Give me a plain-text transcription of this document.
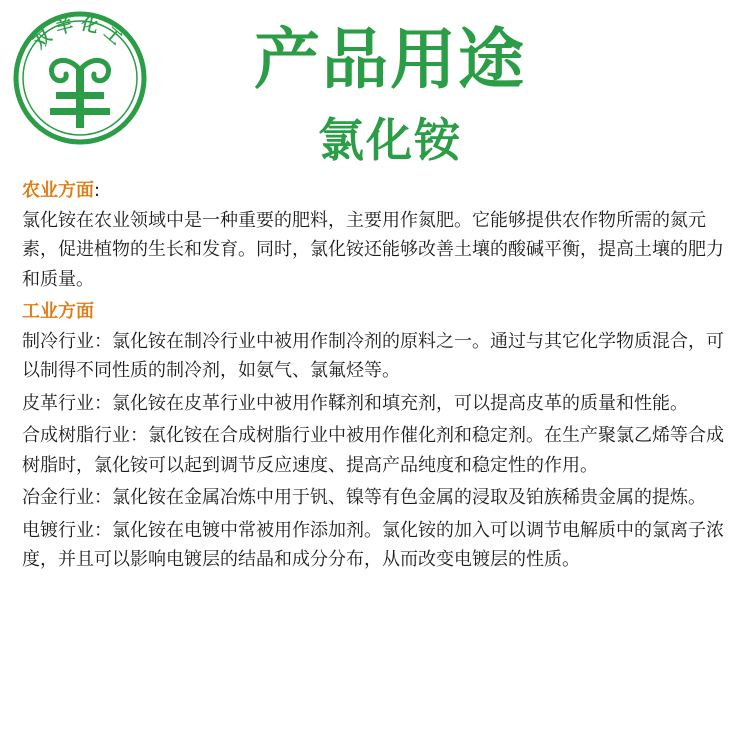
双羊化工	产品用途
氯化铵

农业方面:

氯化铵在农业领域中是一种重要的肥料，主要用作氮肥。它能够提供农作物所需的氮元素，促进植物的生长和发育。同时，氯化铵还能够改善土壤的酸碱平衡，提高土壤的肥力和质量。

工业方面

制冷行业：氯化铵在制冷行业中被用作制冷剂的原料之一。通过与其它化学物质混合，可以制得不同性质的制冷剂，如氨气、氯氟烃等。

皮革行业：氯化铵在皮革行业中被用作鞣剂和填充剂，可以提高皮革的质量和性能。

合成树脂行业：氯化铵在合成树脂行业中被用作催化剂和稳定剂。在生产聚氯乙烯等合成树脂时，氯化铵可以起到调节反应速度、提高产品纯度和稳定性的作用。

冶金行业：氯化铵在金属冶炼中用于钒、镍等有色金属的浸取及铂族稀贵金属的提炼。

电镀行业：氯化铵在电镀中常被用作添加剂。氯化铵的加入可以调节电解质中的氯离子浓度，并且可以影响电镀层的结晶和成分分布，从而改变电镀层的性质。
